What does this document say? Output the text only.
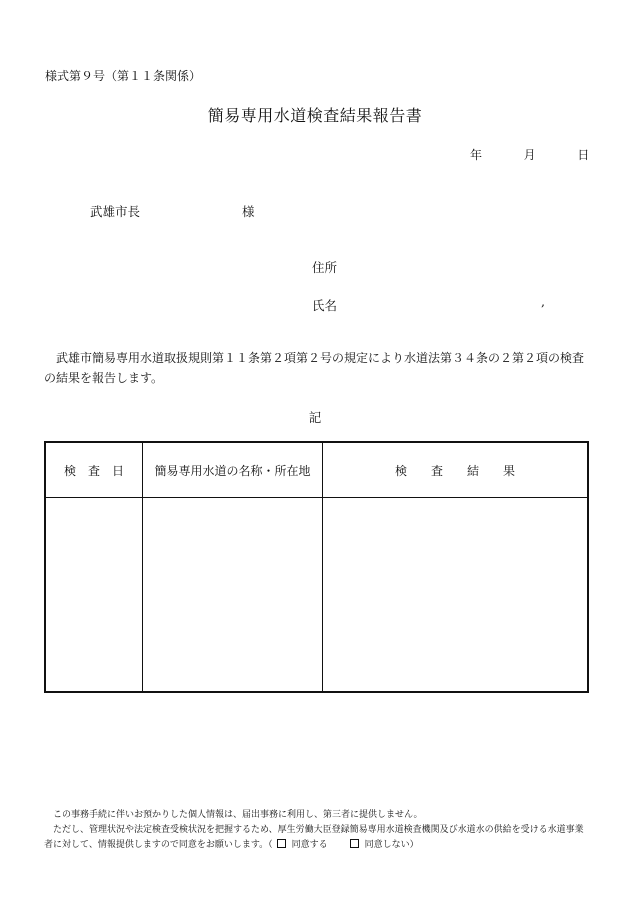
様式第９号（第１１条関係）
簡易専用水道検査結果報告書
年	月	日
武雄市長	様
住所
氏名	,
武雄市簡易専用水道取扱規則第１１条第２項第２号の規定により水道法第３４条の２第２項の検査の結果を報告します。
記
検　査　日	簡易専用水道の名称・所在地	検　　査　　結　　果

この事務手続に伴いお預かりした個人情報は、届出事務に利用し、第三者に提供しません。

ただし、管理状況や法定検査受検状況を把握するため、厚生労働大臣登録簡易専用水道検査機関及び水道水の供給を受ける水道事業者に対して、情報提供しますので同意をお願いします。（ 同意する	同意しない）
